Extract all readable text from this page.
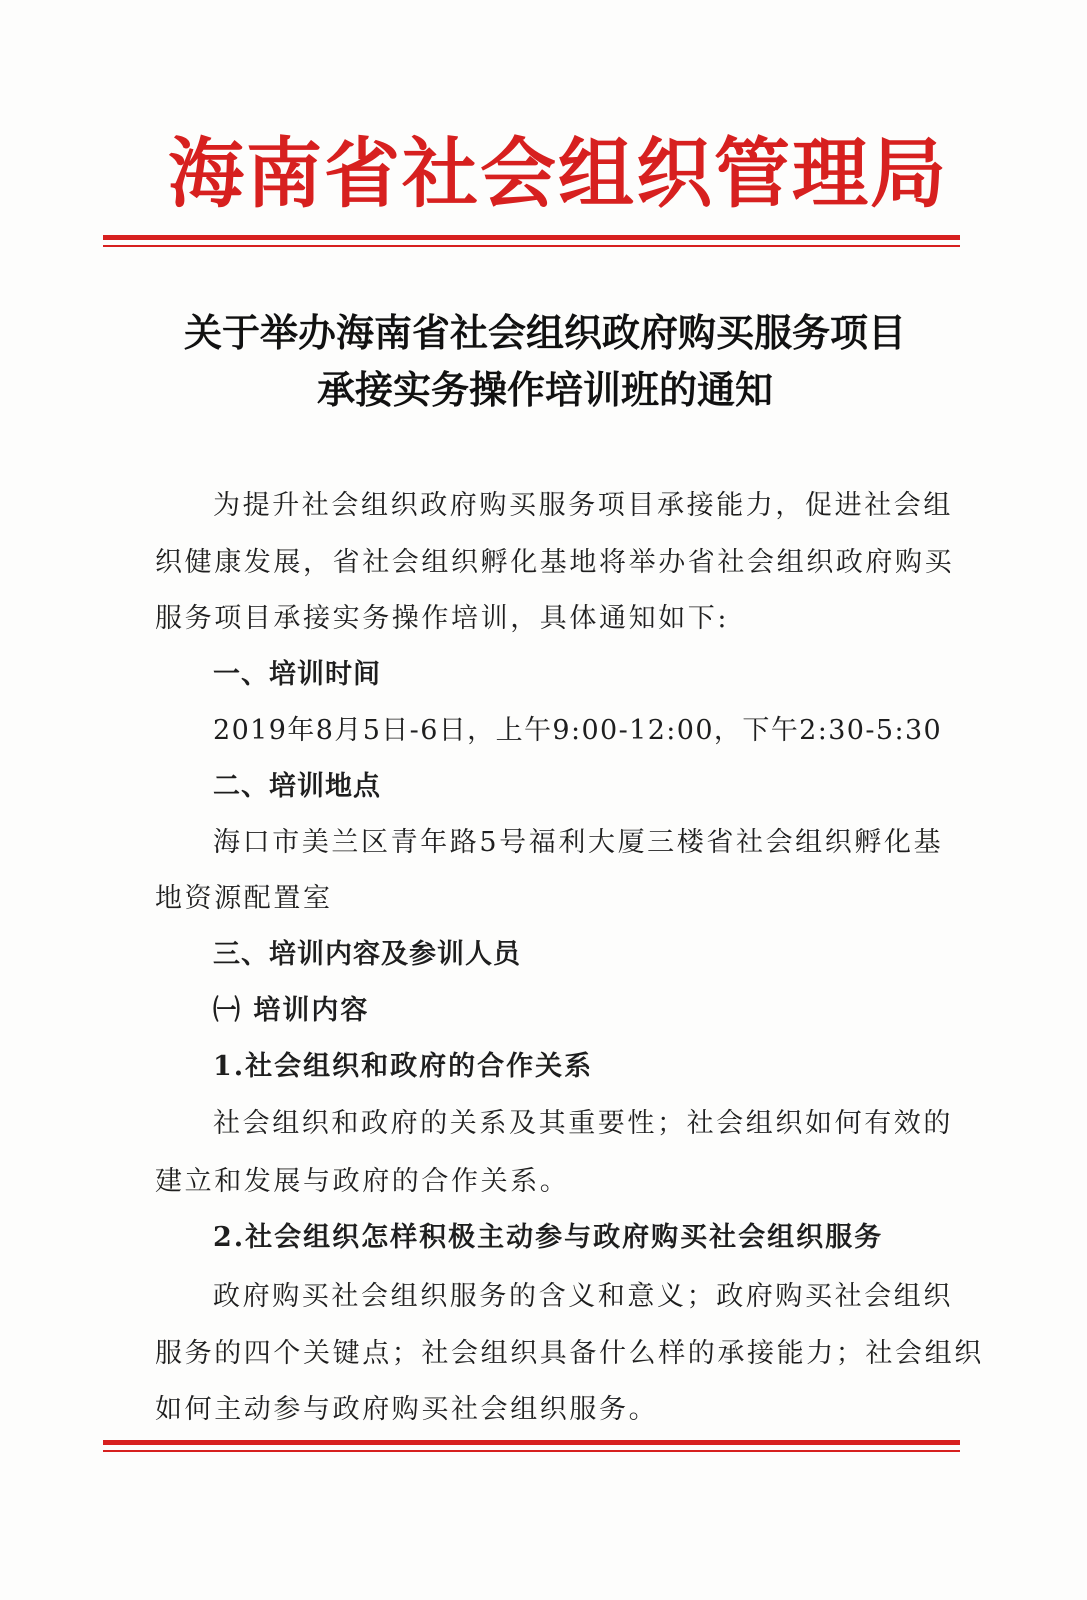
海南省社会组织管理局
关于举办海南省社会组织政府购买服务项目
承接实务操作培训班的通知
为提升社会组织政府购买服务项目承接能力，促进社会组
织健康发展，省社会组织孵化基地将举办省社会组织政府购买
服务项目承接实务操作培训，具体通知如下:
一、培训时间
2019年8月5日-6日，上午9:00-12:00，下午2:30-5:30
二、培训地点
海口市美兰区青年路5号福利大厦三楼省社会组织孵化基
地资源配置室
三、培训内容及参训人员
㈠ 培训内容
1.社会组织和政府的合作关系
社会组织和政府的关系及其重要性；社会组织如何有效的
建立和发展与政府的合作关系。
2.社会组织怎样积极主动参与政府购买社会组织服务
政府购买社会组织服务的含义和意义；政府购买社会组织
服务的四个关键点；社会组织具备什么样的承接能力；社会组织
如何主动参与政府购买社会组织服务。
